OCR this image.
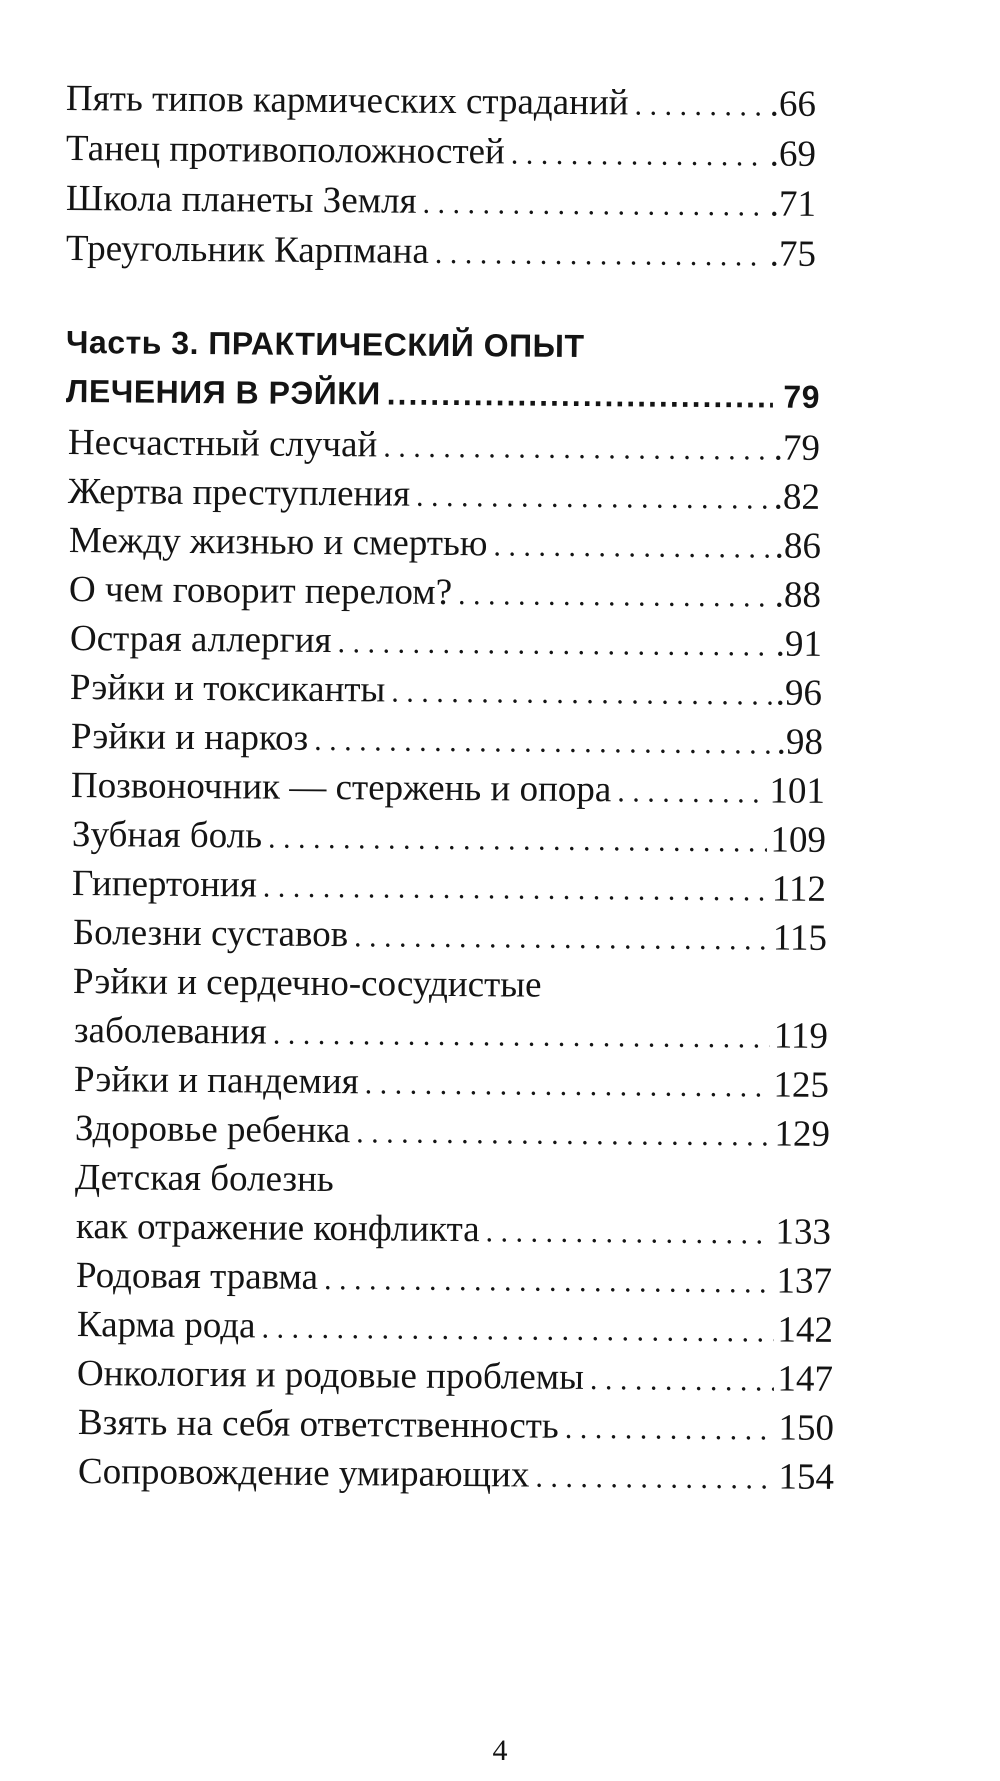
Пять типов кармических страданий . . .	.66
Танец противоположностей . . .	.69
Школа планеты Земля . . .	.71
Треугольник Карпмана . . .	.75
Часть 3. ПРАКТИЧЕСКИЙ ОПЫТ
ЛЕЧЕНИЯ В РЭЙКИ .....	79
Несчастный случай . . .	.79
Жертва преступления . . .	.82
Между жизнью и смертью . . .	.86
О чем говорит перелом? . . .	.88
Острая аллергия . . .	.91
Рэйки и токсиканты . . .	.96
Рэйки и наркоз . . .	.98
Позвоночник — стержень и опора . . .	101
Зубная боль . . .	109
Гипертония . . .	112
Болезни суставов . . .	115
Рэйки и сердечно-сосудистые
заболевания . . .	119
Рэйки и пандемия . . .	125
Здоровье ребенка . . .	129
Детская болезнь
как отражение конфликта . . .	133
Родовая травма . . .	137
Карма рода . . .	142
Онкология и родовые проблемы . . .	147
Взять на себя ответственность . . .	150
Сопровождение умирающих . . .	154
4
